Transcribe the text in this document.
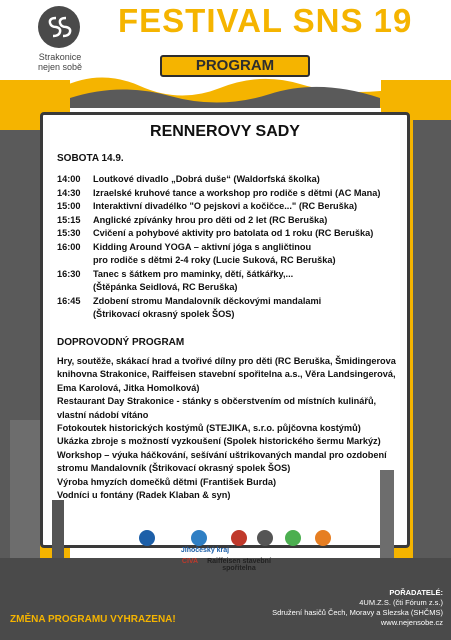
Strakonice
nejen sobě
FESTIVAL SNS 19
PROGRAM
RENNEROVY SADY
SOBOTA 14.9.
14:00	Loutkové divadlo „Dobrá duše“ (Waldorfská školka)
14:30	Izraelské kruhové tance a workshop pro rodiče s dětmi (AC Mana)
15:00	Interaktivní divadélko "O pejskovi a kočičce..." (RC Beruška)
15:15	Anglické zpívánky hrou pro děti od 2 let (RC Beruška)
15:30	Cvičení a pohybové aktivity pro batolata od 1 roku (RC Beruška)
16:00	Kidding Around YOGA – aktivní jóga s angličtinou
pro rodiče s dětmi 2-4 roky (Lucie Suková, RC Beruška)
16:30	Tanec s šátkem pro maminky, dětí, šátkářky,...
(Štěpánka Seidlová, RC Beruška)
16:45	Zdobení stromu Mandalovník děckovými mandalami
(Štrikovací okrasný spolek ŠOS)
DOPROVODNÝ PROGRAM
Hry, soutěže, skákací hrad a tvořivé dílny pro děti (RC Beruška, Šmidingerova
knihovna Strakonice, Raiffeisen stavební spořitelna a.s., Věra Landsingerová,
Ema Karolová, Jitka Homolková)
Restaurant Day Strakonice - stánky s občerstvením od místních kulinářů,
vlastní nádobí vítáno
Fotokoutek historických kostýmů (STEJIKA, s.r.o. půjčovna kostýmů)
Ukázka zbroje s možností vyzkoušení (Spolek historického šermu Markýz)
Workshop – výuka háčkování, sešívání uštrikovaných mandal pro ozdobení
stromu Mandalovník (Štrikovací okrasný spolek ŠOS)
Výroba hmyzích domečků dětmi (František Burda)
Vodníci u fontány (Radek Klaban & syn)
Jihočeský kraj
CIVA	Raiffeisen stavební spořitelna
ZMĚNA PROGRAMU VYHRAZENA!
POŘADATELÉ:
4UM.Z.S. (čti Fórum z.s.)
Sdružení hasičů Čech, Moravy a Slezska (SHČMS)
www.nejensobe.cz
